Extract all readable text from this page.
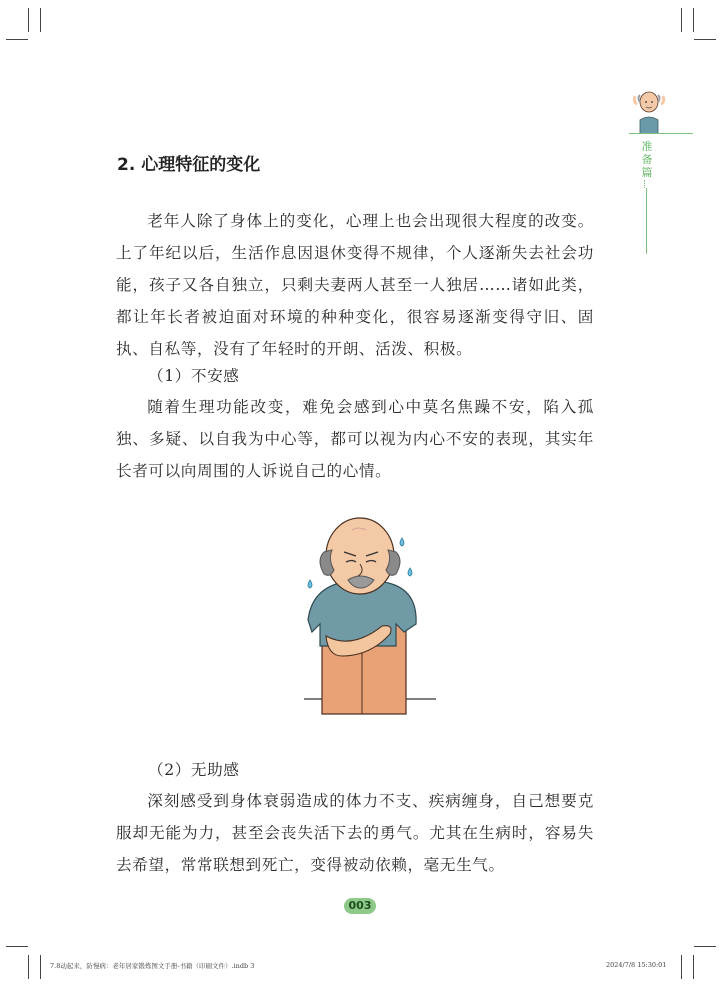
准备篇
2. 心理特征的变化

老年人除了身体上的变化，心理上也会出现很大程度的改变。上了年纪以后，生活作息因退休变得不规律，个人逐渐失去社会功能，孩子又各自独立，只剩夫妻两人甚至一人独居……诸如此类，都让年长者被迫面对环境的种种变化，很容易逐渐变得守旧、固执、自私等，没有了年轻时的开朗、活泼、积极。

（1）不安感

随着生理功能改变，难免会感到心中莫名焦躁不安，陷入孤独、多疑、以自我为中心等，都可以视为内心不安的表现，其实年长者可以向周围的人诉说自己的心情。

（2）无助感

深刻感受到身体衰弱造成的体力不支、疾病缠身，自己想要克服却无能为力，甚至会丧失活下去的勇气。尤其在生病时，容易失去希望，常常联想到死亡，变得被动依赖，毫无生气。

003
7.8动起来，防慢病：老年居家锻炼图文手册-书籍（印刷文件）.indb 3	2024/7/8 15:30:01
